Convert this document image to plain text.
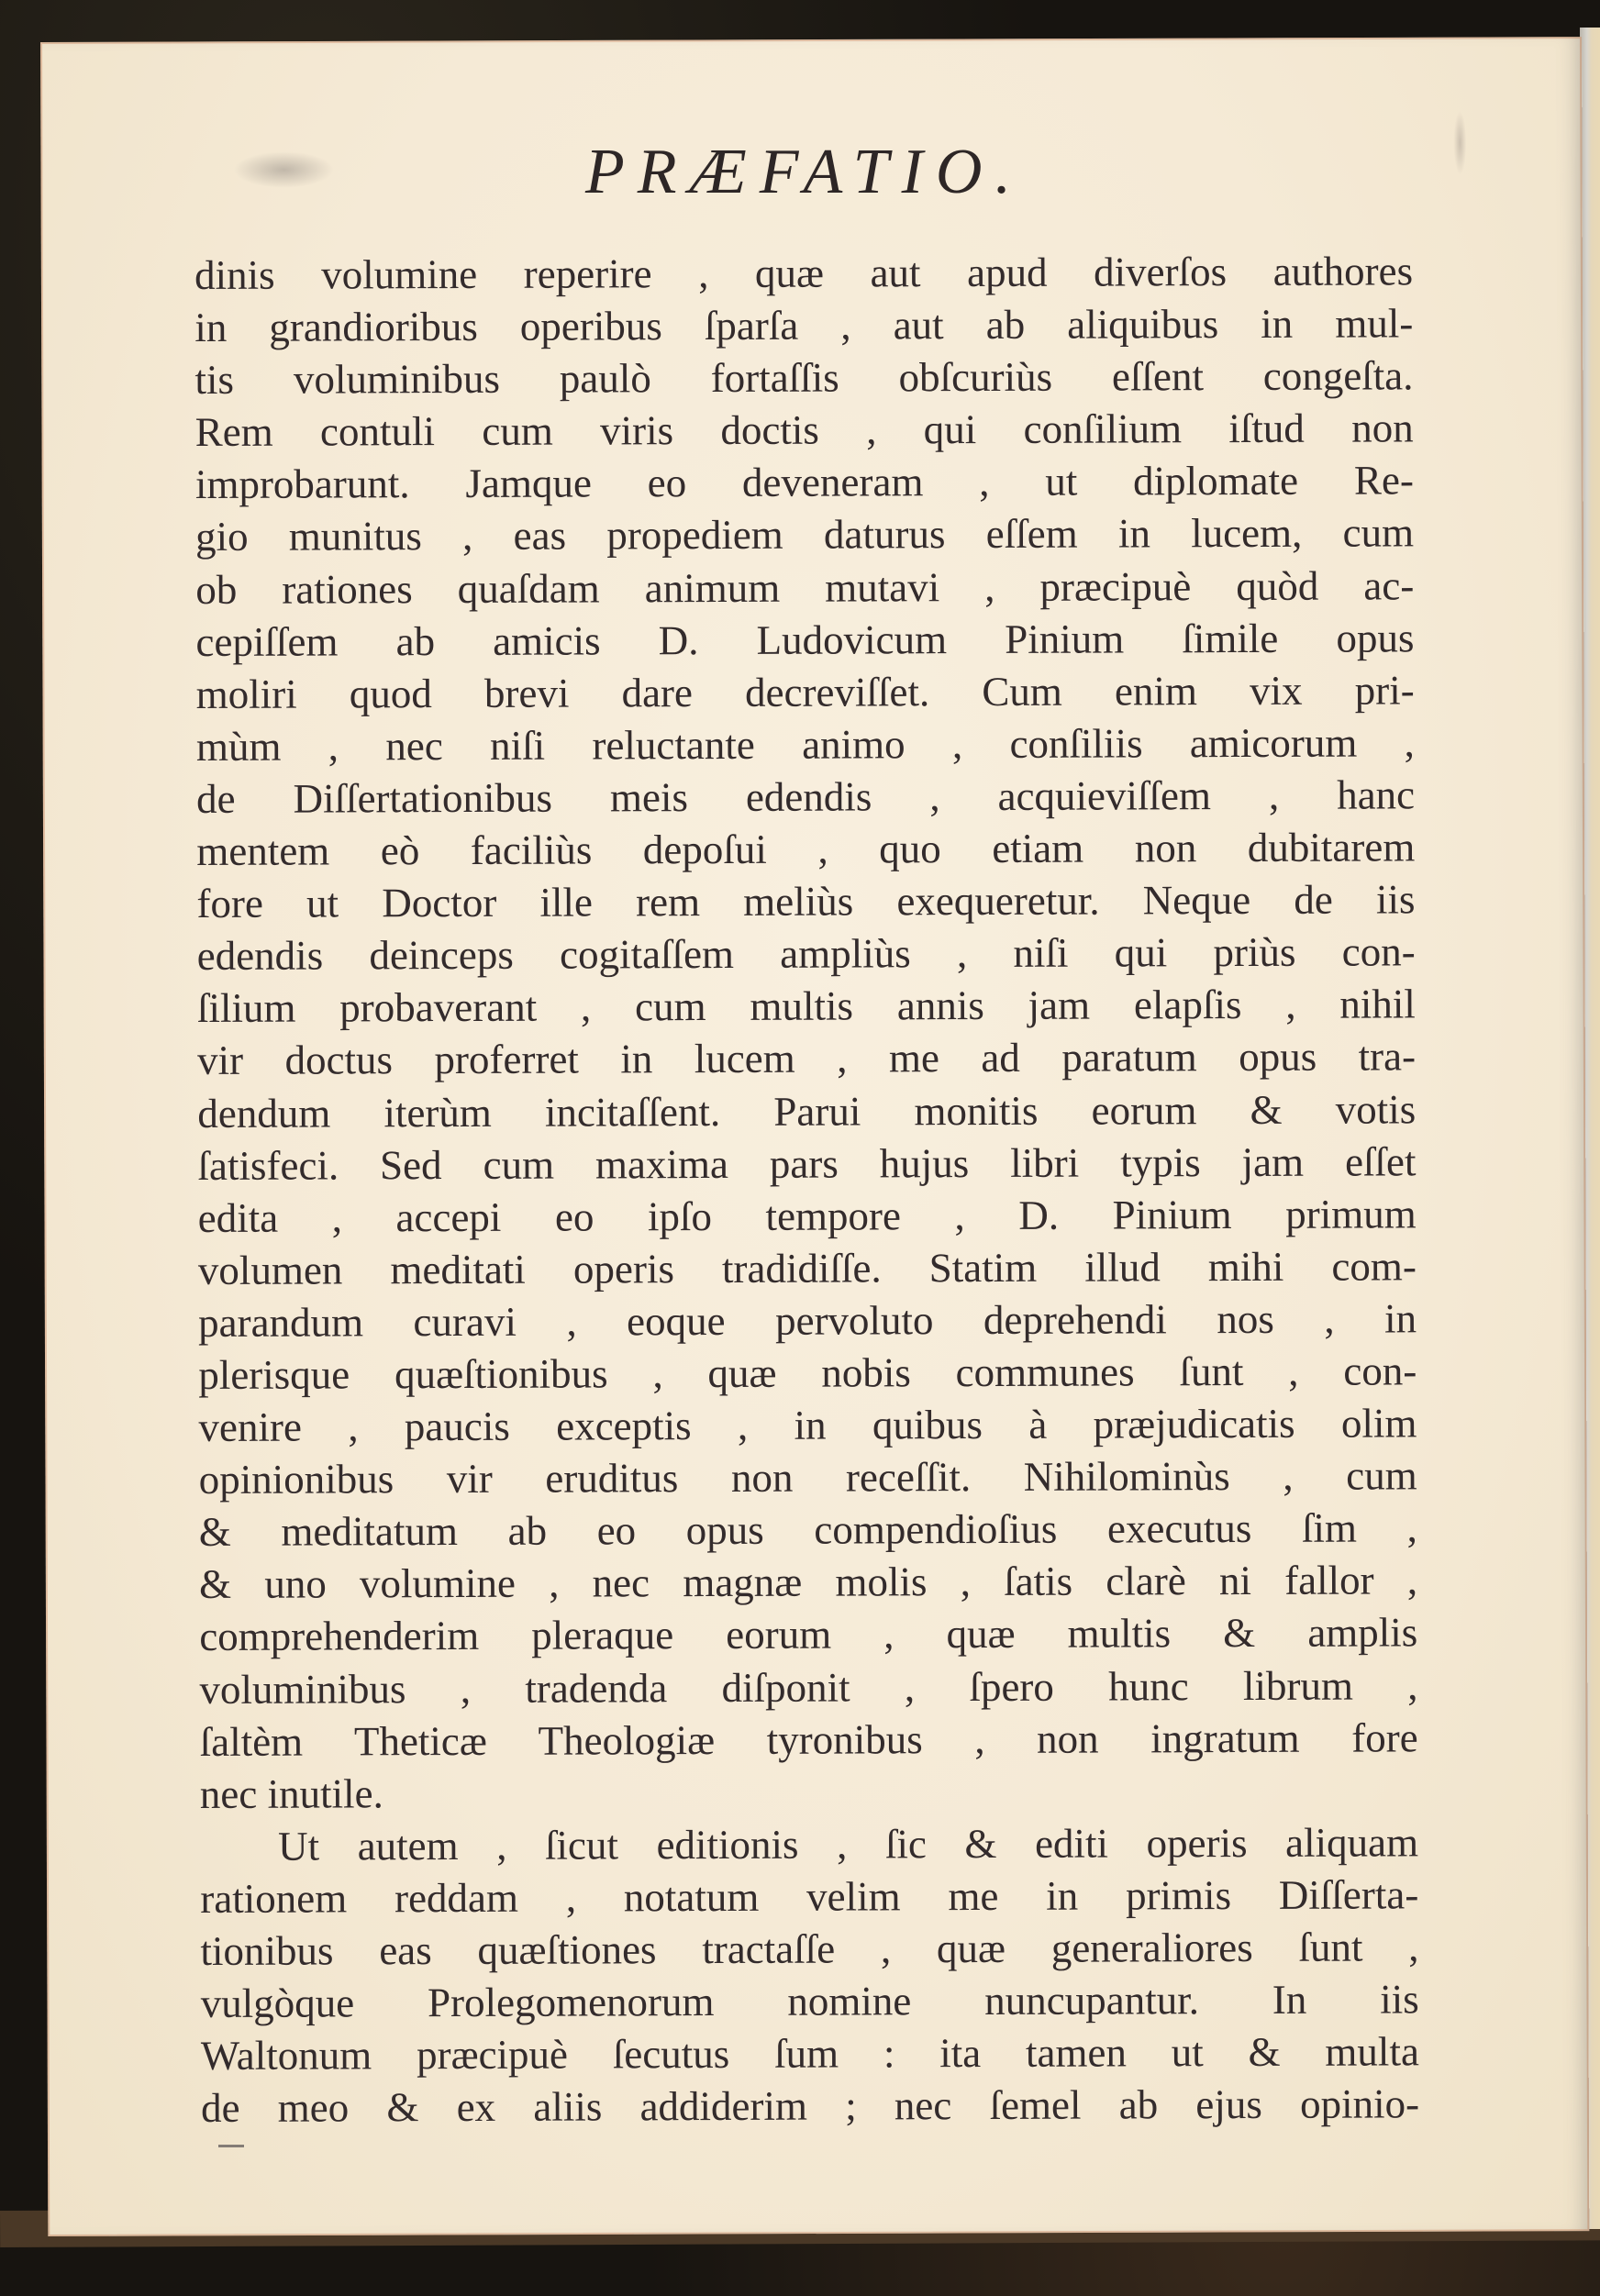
PRÆFATIO.
dinis volumine reperire , quæ aut apud diverſos authores
in grandioribus operibus ſparſa , aut ab aliquibus in mul-
tis voluminibus paulò fortaſſis obſcuriùs eſſent congeſta.
Rem contuli cum viris doctis , qui conſilium iſtud non
improbarunt. Jamque eo deveneram , ut diplomate Re-
gio munitus , eas propediem daturus eſſem in lucem, cum
ob rationes quaſdam animum mutavi , præcipuè quòd ac-
cepiſſem ab amicis D. Ludovicum Pinium ſimile opus
moliri quod brevi dare decreviſſet. Cum enim vix pri-
mùm , nec niſi reluctante animo , conſiliis amicorum ,
de Diſſertationibus meis edendis , acquieviſſem , hanc
mentem eò faciliùs depoſui , quo etiam non dubitarem
fore ut Doctor ille rem meliùs exequeretur. Neque de iis
edendis deinceps cogitaſſem ampliùs , niſi qui priùs con-
ſilium probaverant , cum multis annis jam elapſis , nihil
vir doctus proferret in lucem , me ad paratum opus tra-
dendum iterùm incitaſſent. Parui monitis eorum & votis
ſatisfeci. Sed cum maxima pars hujus libri typis jam eſſet
edita , accepi eo ipſo tempore , D. Pinium primum
volumen meditati operis tradidiſſe. Statim illud mihi com-
parandum curavi , eoque pervoluto deprehendi nos , in
plerisque quæſtionibus , quæ nobis communes ſunt , con-
venire , paucis exceptis , in quibus à præjudicatis olim
opinionibus vir eruditus non receſſit. Nihilominùs , cum
& meditatum ab eo opus compendioſius executus ſim ,
& uno volumine , nec magnæ molis , ſatis clarè ni fallor ,
comprehenderim pleraque eorum , quæ multis & amplis
voluminibus , tradenda diſponit , ſpero hunc librum ,
ſaltèm Theticæ Theologiæ tyronibus , non ingratum fore
nec inutile.
Ut autem , ſicut editionis , ſic & editi operis aliquam
rationem reddam , notatum velim me in primis Diſſerta-
tionibus eas quæſtiones tractaſſe , quæ generaliores ſunt ,
vulgòque Prolegomenorum nomine nuncupantur. In iis
Waltonum præcipuè ſecutus ſum : ita tamen ut & multa
de meo & ex aliis addiderim ; nec ſemel ab ejus opinio-
